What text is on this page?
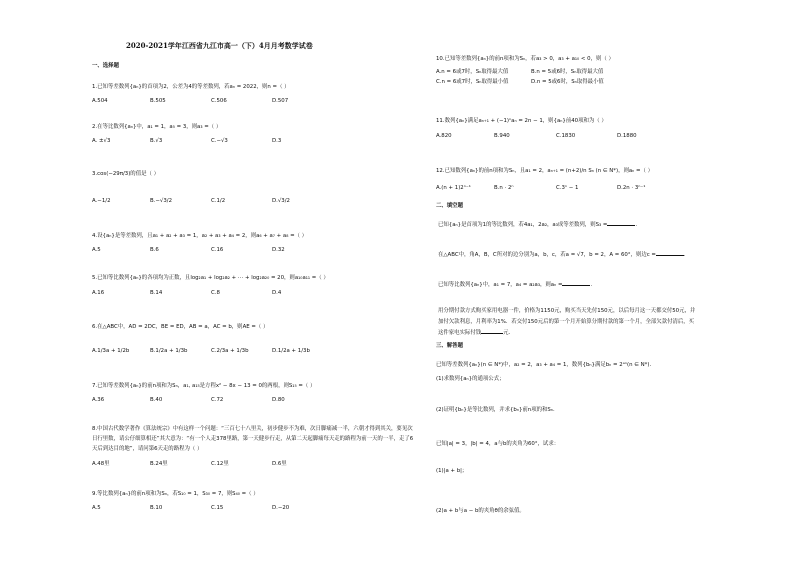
2020-2021学年江西省九江市高一（下）4月月考数学试卷
一、选择题
1.已知等差数列{aₙ}的首项为2，公差为4的等差数列，若aₙ = 2022，则n =（ ）
A.504	B.505	C.506	D.507
2.在等比数列{aₙ}中，a₁ = 1，a₅ = 3，则a₃ =（ ）
A. ±√3	B.√3	C.−√3	D.3
3.cos(−29π/3)的值是（ ）
A.−1/2	B.−√3/2	C.1/2	D.√3/2
4.设{aₙ}是等差数列，且a₁ + a₂ + a₃ = 1，a₂ + a₃ + a₄ = 2，则a₆ + a₇ + a₈ =（ ）
A.5	B.6	C.16	D.32
5.已知等比数列{aₙ}的各项均为正数，且log₂a₁ + log₂a₂ + ⋯ + log₂a₂₀ = 20，则a₁₀a₁₁ =（ ）
A.16	B.14	C.8	D.4
6.在△ABC中，AD = 2DC，BE = ED，AB = a，AC = b，则AE =（ ）
A.1/3a + 1/2b	B.1/2a + 1/3b	C.2/3a + 1/3b	D.1/2a + 1/3b
7.已知等差数列{aₙ}的前n项和为Sₙ，a₁, a₁₅是方程x² − 8x − 13 = 0的两根，则S₁₅ =（ ）
A.36	B.40	C.72	D.80
8.中国古代数学著作《算法统宗》中有这样一个问题：“三百七十八里关，初步健步不为难，次日脚痛减一半，六朝才得到其关，要见次日行里数，请公仔细算相还”其大意为：“有一个人走378里路，第一天健步行走，从第二天起脚痛每天走的路程为前一天的一半，走了6天后到达目的地”，请问第6天走的路程为（ ）
A.48里	B.24里	C.12里	D.6里
9.等比数列{aₙ}的前n项和为Sₙ，若S₁₀ = 1，S₃₀ = 7，则S₄₀ =（ ）
A.5	B.10	C.15	D.−20
10.已知等差数列{aₙ}的前n项和为Sₙ，若a₃ > 0，a₃ + a₁₀ < 0，则（ ）
A.n = 6或7时，Sₙ取得最大值	B.n = 5或6时，Sₙ取得最大值
C.n = 6或7时，Sₙ取得最小值	D.n = 5或6时，Sₙ取得最小值
11.数列{aₙ}满足aₙ₊₁ + (−1)ⁿaₙ = 2n − 1，则{aₙ}前40项和为（ ）
A.820	B.940	C.1830	D.1880
12.已知数列{aₙ}的前n项和为Sₙ，且a₁ = 2，aₙ₊₁ = (n+2)/n Sₙ (n ∈ N*)，则aₙ =（ ）
A.(n + 1)2ⁿ⁻¹	B.n · 2ⁿ	C.3ⁿ − 1	D.2n · 3ⁿ⁻¹
二、填空题
已知{aₙ}是首项为1的等比数列，若4a₁，2a₂，a₃成等差数列，则S₃ =	.
在△ABC中，角A，B，C所对的边分别为a，b，c，若a = √7，b = 2，A = 60°，则边c =	.
已知等比数列{aₙ}中，a₁ = 7，a₄ = a₂a₃，则aₙ =	.
用分期付款方式购买家用电器一件，价格为1150元，购买当天先付150元，以后每月这一天都交付50元，并
加付欠款利息，月利率为1%．若交付150元后的第一个月开始算分期付款的第一个月，全部欠款付清后，买
这件家电实际付钱	元．
三、解答题
已知等差数列{aₙ}(n ∈ N*)中，a₂ = 2，a₃ + a₄ = 1，数列{bₙ}满足bₙ = 2ᵃⁿ(n ∈ N*)．
(1)求数列{aₙ}的通项公式；
(2)证明{bₙ}是等比数列，并求{bₙ}前n项的和Sₙ．
已知|a| = 3，|b| = 4，a与b的夹角为60°，试求：
(1)|a + b|；
(2)a + b与a − b的夹角θ的余弦值。
